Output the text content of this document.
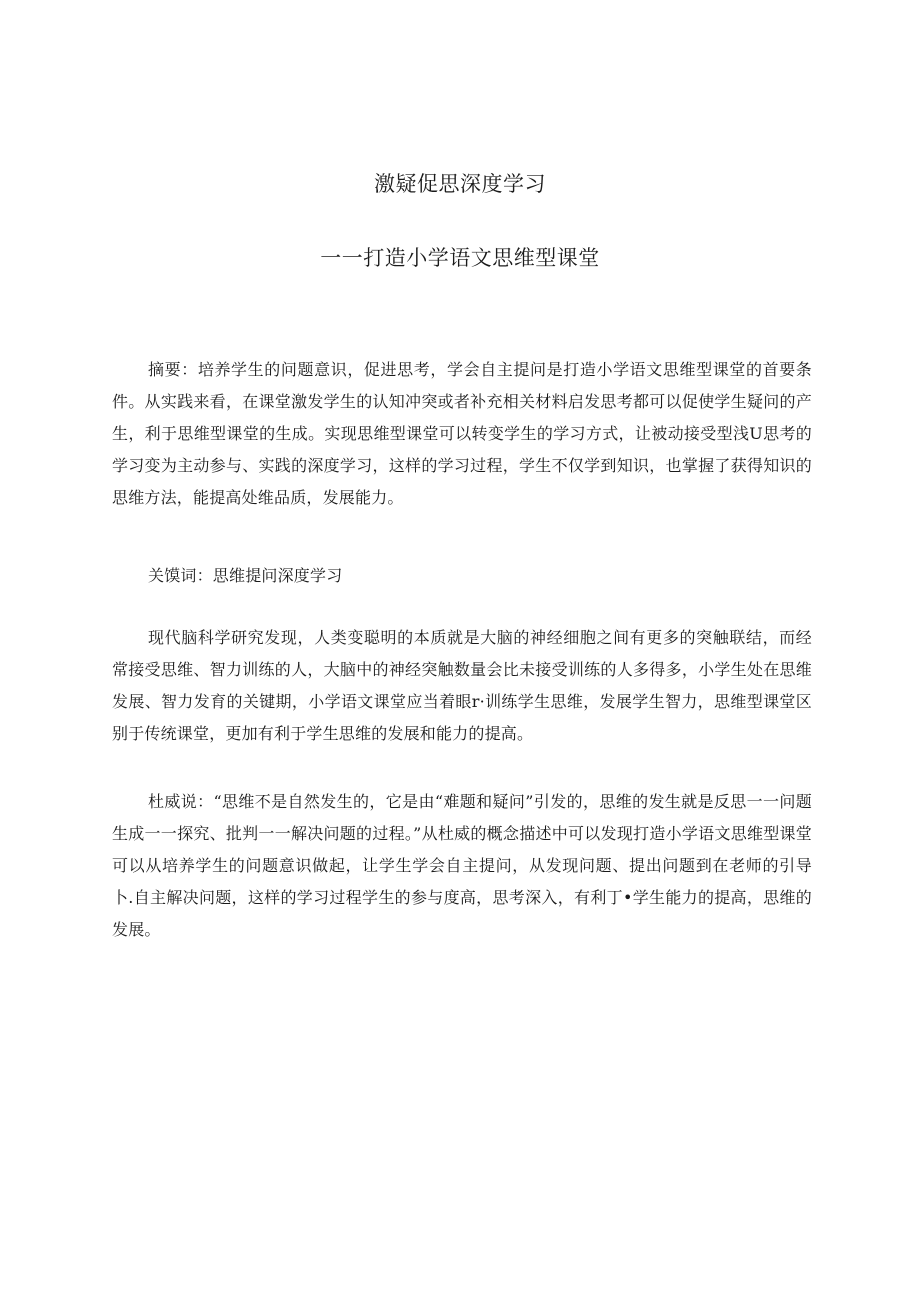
激疑促思深度学习
一一打造小学语文思维型课堂

摘要：培养学生的问题意识，促进思考，学会自主提问是打造小学语文思维型课堂的首要条件。从实践来看，在课堂激发学生的认知冲突或者补充相关材料启发思考都可以促使学生疑问的产生，利于思维型课堂的生成。实现思维型课堂可以转变学生的学习方式，让被动接受型浅U思考的学习变为主动参与、实践的深度学习，这样的学习过程，学生不仅学到知识，也掌握了获得知识的思维方法，能提高处维品质，发展能力。

关馍词：思维提问深度学习

现代脑科学研究发现，人类变聪明的本质就是大脑的神经细胞之间有更多的突触联结，而经常接受思维、智力训练的人，大脑中的神经突触数量会比未接受训练的人多得多，小学生处在思维发展、智力发育的关键期，小学语文课堂应当着眼r·训练学生思维，发展学生智力，思维型课堂区别于传统课堂，更加有利于学生思维的发展和能力的提高。

杜威说：“思维不是自然发生的，它是由“难题和疑问”引发的，思维的发生就是反思一一问题生成一一探究、批判一一解决问题的过程。”从杜威的概念描述中可以发现打造小学语文思维型课堂可以从培养学生的问题意识做起，让学生学会自主提问，从发现问题、提出问题到在老师的引导卜.自主解决问题，这样的学习过程学生的参与度高，思考深入，有利丁•学生能力的提高，思维的发展。
